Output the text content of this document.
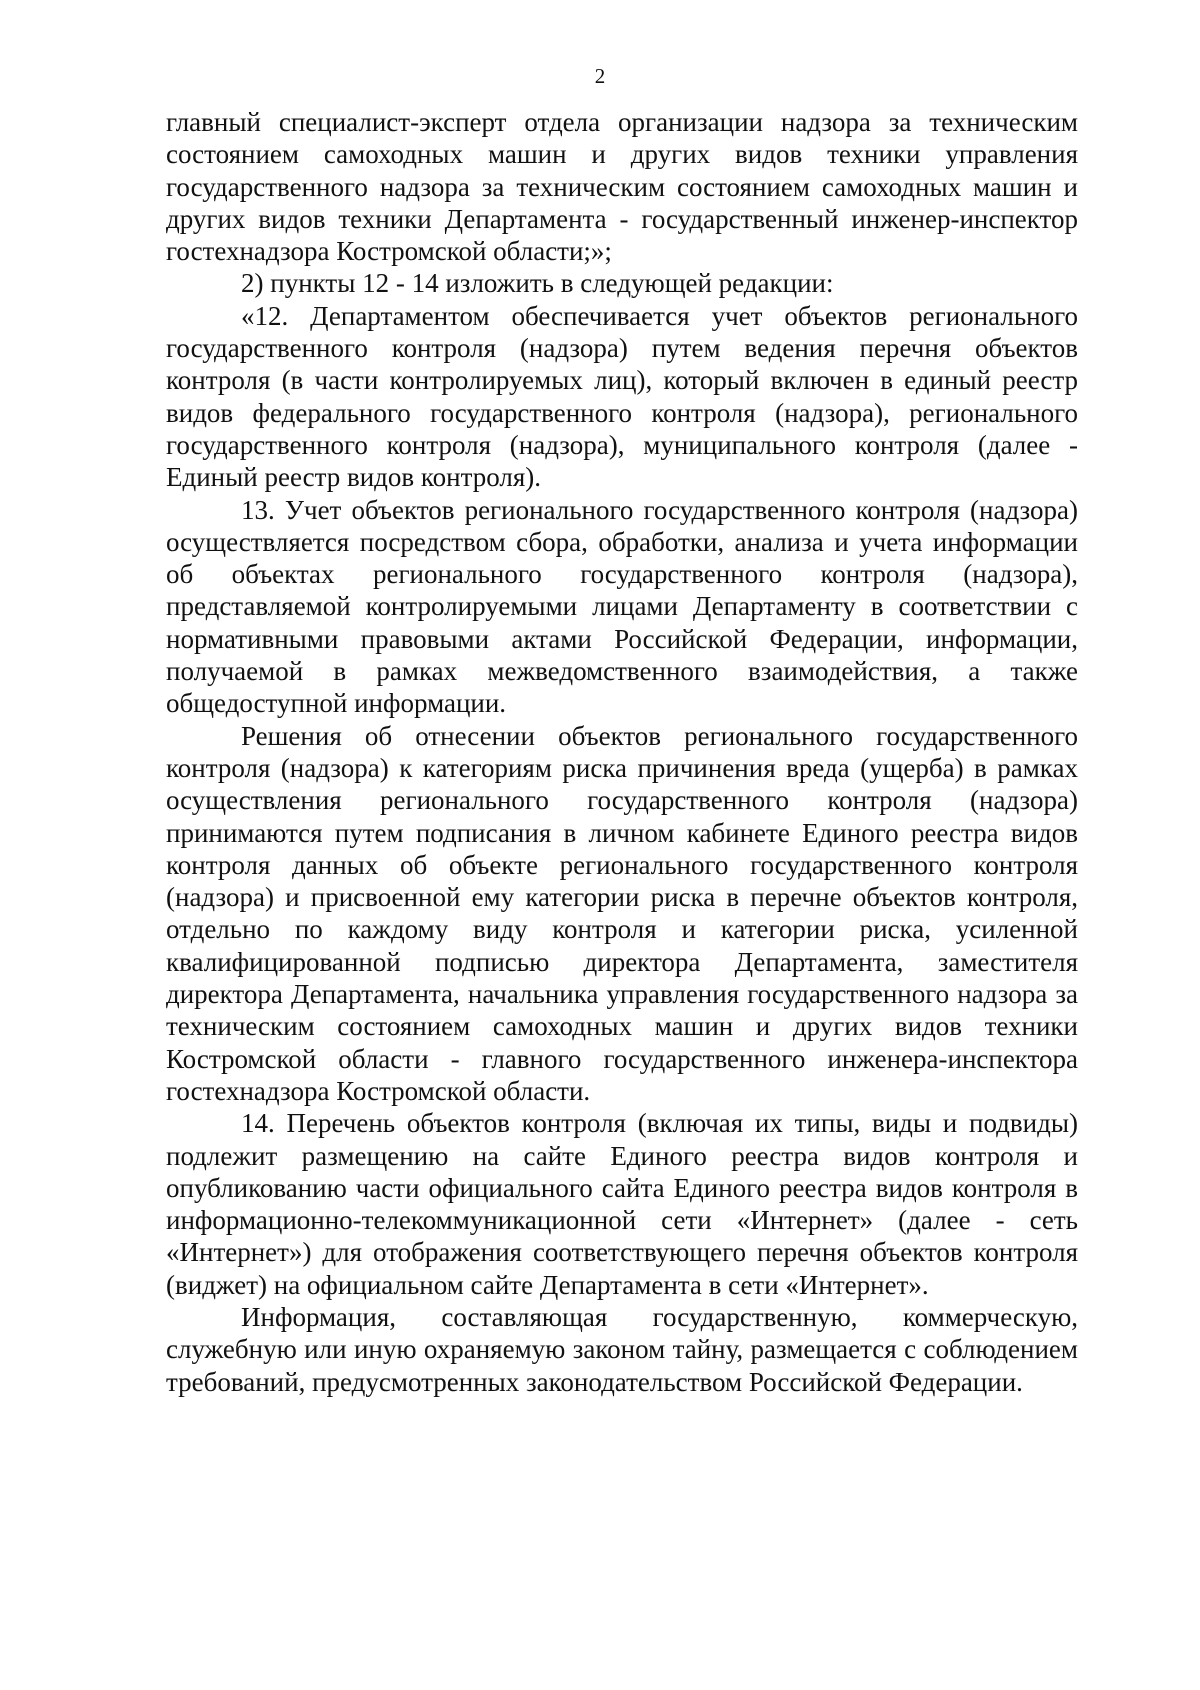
2

главный специалист-эксперт отдела организации надзора за техническим состоянием самоходных машин и других видов техники управления государственного надзора за техническим состоянием самоходных машин и других видов техники Департамента - государственный инженер-инспектор гостехнадзора Костромской области;»;

2) пункты 12 - 14 изложить в следующей редакции:

«12. Департаментом обеспечивается учет объектов регионального государственного контроля (надзора) путем ведения перечня объектов контроля (в части контролируемых лиц), который включен в единый реестр видов федерального государственного контроля (надзора), регионального государственного контроля (надзора), муниципального контроля (далее - Единый реестр видов контроля).

13. Учет объектов регионального государственного контроля (надзора) осуществляется посредством сбора, обработки, анализа и учета информации об объектах регионального государственного контроля (надзора), представляемой контролируемыми лицами Департаменту в соответствии с нормативными правовыми актами Российской Федерации, информации, получаемой в рамках межведомственного взаимодействия, а также общедоступной информации.

Решения об отнесении объектов регионального государственного контроля (надзора) к категориям риска причинения вреда (ущерба) в рамках осуществления регионального государственного контроля (надзора) принимаются путем подписания в личном кабинете Единого реестра видов контроля данных об объекте регионального государственного контроля (надзора) и присвоенной ему категории риска в перечне объектов контроля, отдельно по каждому виду контроля и категории риска, усиленной квалифицированной подписью директора Департамента, заместителя директора Департамента, начальника управления государственного надзора за техническим состоянием самоходных машин и других видов техники Костромской области - главного государственного инженера-инспектора гостехнадзора Костромской области.

14. Перечень объектов контроля (включая их типы, виды и подвиды) подлежит размещению на сайте Единого реестра видов контроля и опубликованию части официального сайта Единого реестра видов контроля в информационно-телекоммуникационной сети «Интернет» (далее - сеть «Интернет») для отображения соответствующего перечня объектов контроля (виджет) на официальном сайте Департамента в сети «Интернет».

Информация, составляющая государственную, коммерческую, служебную или иную охраняемую законом тайну, размещается с соблюдением требований, предусмотренных законодательством Российской Федерации.
